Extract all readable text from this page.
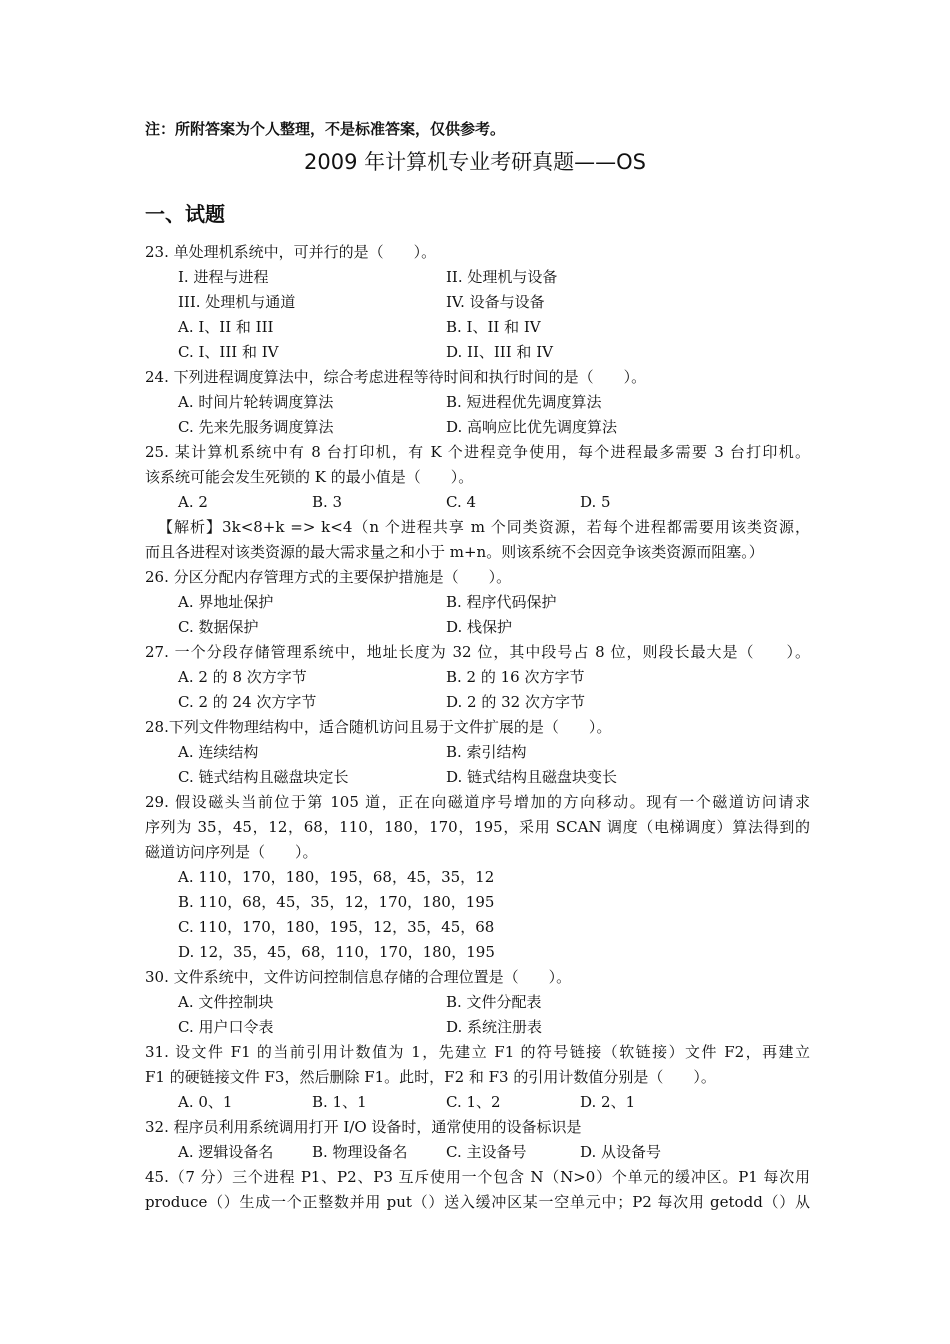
注：所附答案为个人整理，不是标准答案，仅供参考。
2009 年计算机专业考研真题——OS
一、试题
23. 单处理机系统中，可并行的是（　　）。
I. 进程与进程	II. 处理机与设备
III. 处理机与通道	IV. 设备与设备
A. I、II 和 III	B. I、II 和 IV
C. I、III 和 IV	D. II、III 和 IV
24. 下列进程调度算法中，综合考虑进程等待时间和执行时间的是（　　）。
A. 时间片轮转调度算法	B. 短进程优先调度算法
C. 先来先服务调度算法	D. 高响应比优先调度算法
25. 某计算机系统中有 8 台打印机，有 K 个进程竞争使用，每个进程最多需要 3 台打印机。
该系统可能会发生死锁的 K 的最小值是（　　）。
A. 2	B. 3	C. 4	D. 5
【解析】3k<8+k => k<4（n 个进程共享 m 个同类资源，若每个进程都需要用该类资源，
而且各进程对该类资源的最大需求量之和小于 m+n。则该系统不会因竞争该类资源而阻塞。）
26. 分区分配内存管理方式的主要保护措施是（　　）。
A. 界地址保护	B. 程序代码保护
C. 数据保护	D. 栈保护
27. 一个分段存储管理系统中，地址长度为 32 位，其中段号占 8 位，则段长最大是（　　）。
A. 2 的 8 次方字节	B. 2 的 16 次方字节
C. 2 的 24 次方字节	D. 2 的 32 次方字节
28.下列文件物理结构中，适合随机访问且易于文件扩展的是（　　）。
A. 连续结构	B. 索引结构
C. 链式结构且磁盘块定长	D. 链式结构且磁盘块变长
29. 假设磁头当前位于第 105 道，正在向磁道序号增加的方向移动。现有一个磁道访问请求
序列为 35，45，12，68，110，180，170，195，采用 SCAN 调度（电梯调度）算法得到的
磁道访问序列是（　　）。
A. 110，170，180，195，68，45，35，12
B. 110，68，45，35，12，170，180，195
C. 110，170，180，195，12，35，45，68
D. 12，35，45，68，110，170，180，195
30. 文件系统中，文件访问控制信息存储的合理位置是（　　）。
A. 文件控制块	B. 文件分配表
C. 用户口令表	D. 系统注册表
31. 设文件 F1 的当前引用计数值为 1，先建立 F1 的符号链接（软链接）文件 F2，再建立
F1 的硬链接文件 F3，然后删除 F1。此时，F2 和 F3 的引用计数值分别是（　　）。
A. 0、1	B. 1、1	C. 1、2	D. 2、1
32. 程序员利用系统调用打开 I/O 设备时，通常使用的设备标识是
A. 逻辑设备名	B. 物理设备名	C. 主设备号	D. 从设备号
45.（7 分）三个进程 P1、P2、P3 互斥使用一个包含 N（N>0）个单元的缓冲区。P1 每次用
produce（）生成一个正整数并用 put（）送入缓冲区某一空单元中；P2 每次用 getodd（）从
